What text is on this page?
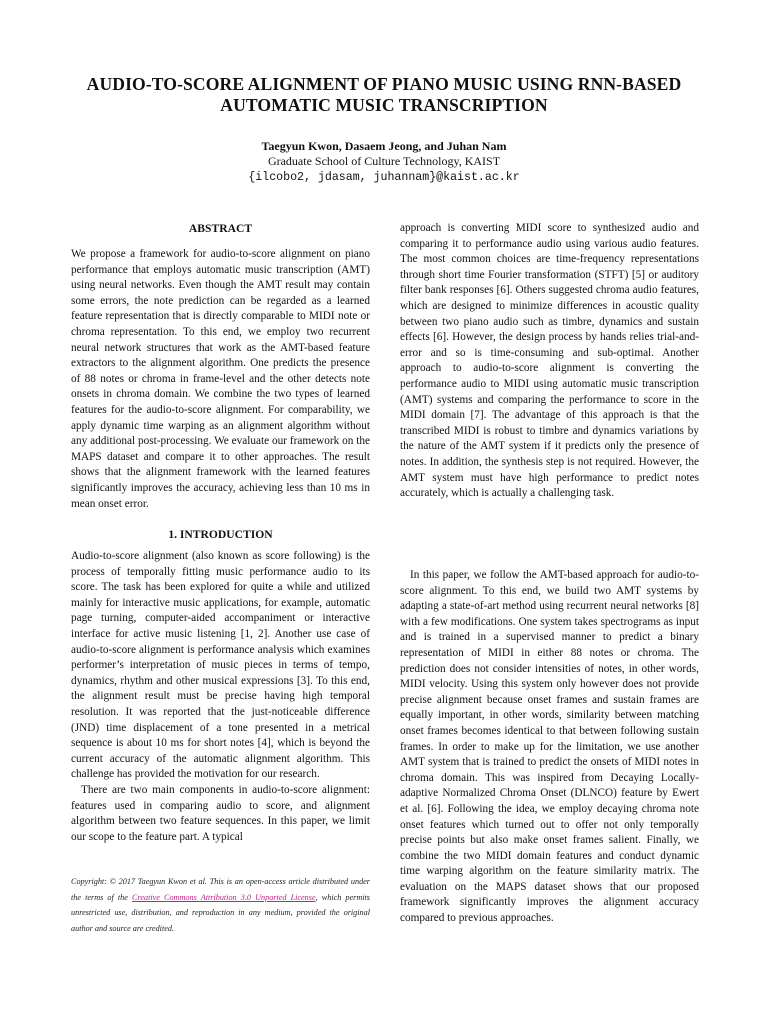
AUDIO-TO-SCORE ALIGNMENT OF PIANO MUSIC USING RNN-BASED
AUTOMATIC MUSIC TRANSCRIPTION
Taegyun Kwon, Dasaem Jeong, and Juhan Nam
Graduate School of Culture Technology, KAIST
{ilcobo2, jdasam, juhannam}@kaist.ac.kr
ABSTRACT

We propose a framework for audio-to-score alignment on piano performance that employs automatic music transcription (AMT) using neural networks. Even though the AMT result may contain some errors, the note prediction can be regarded as a learned feature representation that is directly comparable to MIDI note or chroma representation. To this end, we employ two recurrent neural network structures that work as the AMT-based feature extractors to the alignment algorithm. One predicts the presence of 88 notes or chroma in frame-level and the other detects note onsets in chroma domain. We combine the two types of learned features for the audio-to-score alignment. For comparability, we apply dynamic time warping as an alignment algorithm without any additional post-processing. We evaluate our framework on the MAPS dataset and compare it to other approaches. The result shows that the alignment framework with the learned features significantly improves the accuracy, achieving less than 10 ms in mean onset error.

1. INTRODUCTION

Audio-to-score alignment (also known as score following) is the process of temporally fitting music performance audio to its score. The task has been explored for quite a while and utilized mainly for interactive music applications, for example, automatic page turning, computer-aided accompaniment or interactive interface for active music listening [1, 2]. Another use case of audio-to-score alignment is performance analysis which examines performer’s interpretation of music pieces in terms of tempo, dynamics, rhythm and other musical expressions [3]. To this end, the alignment result must be precise having high temporal resolution. It was reported that the just-noticeable difference (JND) time displacement of a tone presented in a metrical sequence is about 10 ms for short notes [4], which is beyond the current accuracy of the automatic alignment algorithm. This challenge has provided the motivation for our research.

There are two main components in audio-to-score alignment: features used in comparing audio to score, and alignment algorithm between two feature sequences. In this paper, we limit our scope to the feature part. A typical

Copyright: © 2017 Taegyun Kwon et al. This is an open-access article distributed under the terms of the Creative Commons Attribution 3.0 Unported License, which permits unrestricted use, distribution, and reproduction in any medium, provided the original author and source are credited.

approach is converting MIDI score to synthesized audio and comparing it to performance audio using various audio features. The most common choices are time-frequency representations through short time Fourier transformation (STFT) [5] or auditory filter bank responses [6]. Others suggested chroma audio features, which are designed to minimize differences in acoustic quality between two piano audio such as timbre, dynamics and sustain effects [6]. However, the design process by hands relies trial-and-error and so is time-consuming and sub-optimal. Another approach to audio-to-score alignment is converting the performance audio to MIDI using automatic music transcription (AMT) systems and comparing the performance to score in the MIDI domain [7]. The advantage of this approach is that the transcribed MIDI is robust to timbre and dynamics variations by the nature of the AMT system if it predicts only the presence of notes. In addition, the synthesis step is not required. However, the AMT system must have high performance to predict notes accurately, which is actually a challenging task.

In this paper, we follow the AMT-based approach for audio-to-score alignment. To this end, we build two AMT systems by adapting a state-of-art method using recurrent neural networks [8] with a few modifications. One system takes spectrograms as input and is trained in a supervised manner to predict a binary representation of MIDI in either 88 notes or chroma. The prediction does not consider intensities of notes, in other words, MIDI velocity. Using this system only however does not provide precise alignment because onset frames and sustain frames are equally important, in other words, similarity between matching onset frames becomes identical to that between following sustain frames. In order to make up for the limitation, we use another AMT system that is trained to predict the onsets of MIDI notes in chroma domain. This was inspired from Decaying Locally-adaptive Normalized Chroma Onset (DLNCO) feature by Ewert et al. [6]. Following the idea, we employ decaying chroma note onset features which turned out to offer not only temporally precise points but also make onset frames salient. Finally, we combine the two MIDI domain features and conduct dynamic time warping algorithm on the feature similarity matrix. The evaluation on the MAPS dataset shows that our proposed framework significantly improves the alignment accuracy compared to previous approaches.
